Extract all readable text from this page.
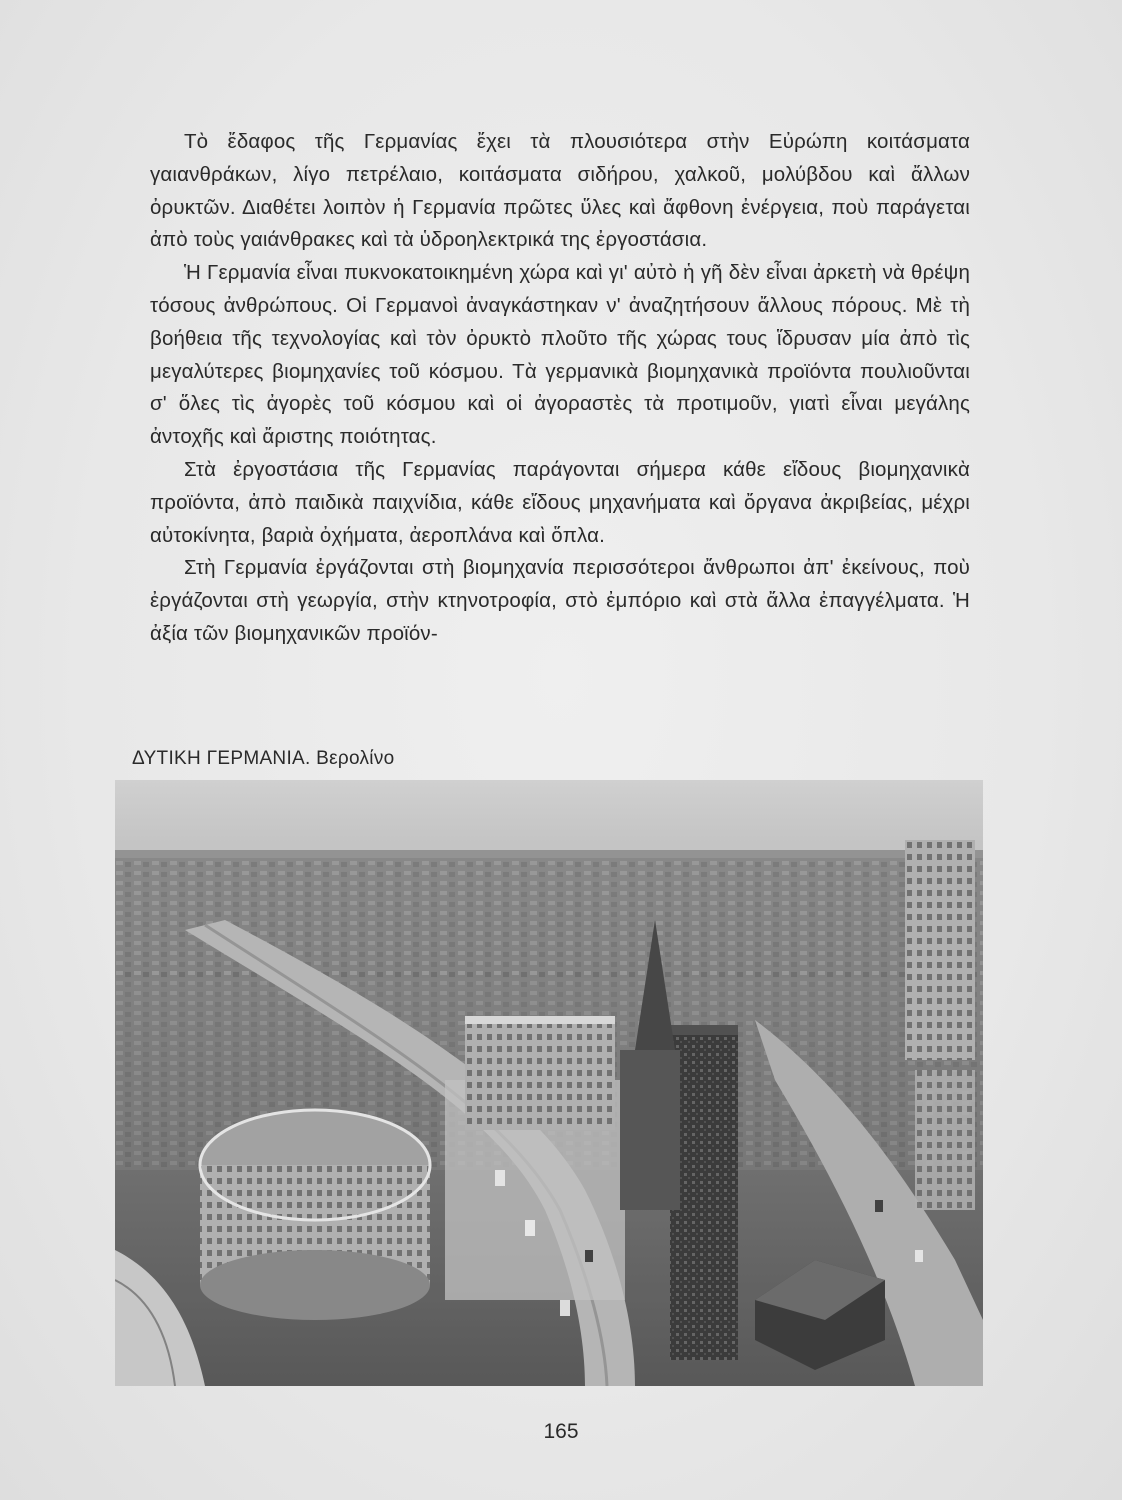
Τὸ ἔδαφος τῆς Γερμανίας ἔχει τὰ πλουσιότερα στὴν Εὐρώπη κοιτάσματα γαιανθράκων, λίγο πετρέλαιο, κοιτάσματα σιδήρου, χαλκοῦ, μολύβδου καὶ ἄλλων ὀρυκτῶν. Διαθέτει λοιπὸν ἡ Γερμανία πρῶτες ὕλες καὶ ἄφθονη ἐνέργεια, ποὺ παράγεται ἀπὸ τοὺς γαιάνθρακες καὶ τὰ ὑδροηλεκτρικά της ἐργοστάσια.

Ἡ Γερμανία εἶναι πυκνοκατοικημένη χώρα καὶ γι' αὐτὸ ἡ γῆ δὲν εἶναι ἀρκετὴ νὰ θρέψη τόσους ἀνθρώπους. Οἱ Γερμανοὶ ἀναγκάστηκαν ν' ἀναζητήσουν ἄλλους πόρους. Μὲ τὴ βοήθεια τῆς τεχνολογίας καὶ τὸν ὀρυκτὸ πλοῦτο τῆς χώρας τους ἵδρυσαν μία ἀπὸ τὶς μεγαλύτερες βιομηχανίες τοῦ κόσμου. Τὰ γερμανικὰ βιομηχανικὰ προϊόντα πουλιοῦνται σ' ὅλες τὶς ἀγορὲς τοῦ κόσμου καὶ οἱ ἀγοραστὲς τὰ προτιμοῦν, γιατὶ εἶναι μεγάλης ἀντοχῆς καὶ ἄριστης ποιότητας.

Στὰ ἐργοστάσια τῆς Γερμανίας παράγονται σήμερα κάθε εἴδους βιομηχανικὰ προϊόντα, ἀπὸ παιδικὰ παιχνίδια, κάθε εἴδους μηχανήματα καὶ ὄργανα ἀκριβείας, μέχρι αὐτοκίνητα, βαριὰ ὀχήματα, ἀεροπλάνα καὶ ὅπλα.

Στὴ Γερμανία ἐργάζονται στὴ βιομηχανία περισσότεροι ἄνθρωποι ἀπ' ἐκείνους, ποὺ ἐργάζονται στὴ γεωργία, στὴν κτηνοτροφία, στὸ ἐμπόριο καὶ στὰ ἄλλα ἐπαγγέλματα. Ἡ ἀξία τῶν βιομηχανικῶν προϊόν-

ΔΥΤΙΚΗ ΓΕΡΜΑΝΙΑ. Βερολίνο
165
